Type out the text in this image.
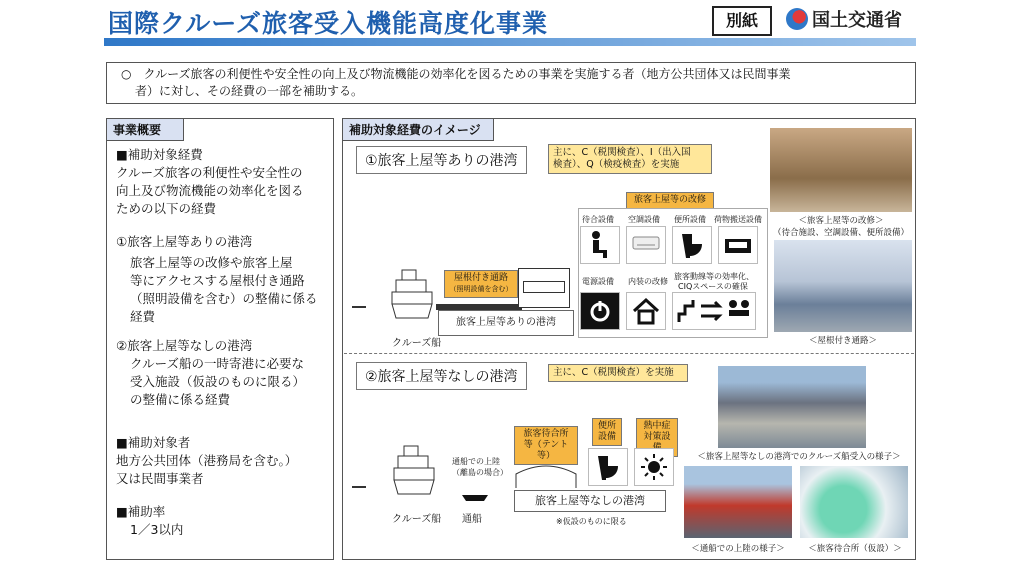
国際クルーズ旅客受入機能高度化事業	別紙	国土交通省
○　クルーズ旅客の利便性や安全性の向上及び物流機能の効率化を図るための事業を実施する者（地方公共団体又は民間事業
者）に対し、その経費の一部を補助する。
事業概要
■補助対象経費
クルーズ旅客の利便性や安全性の
向上及び物流機能の効率化を図る
ための以下の経費
①旅客上屋等ありの港湾
旅客上屋等の改修や旅客上屋
等にアクセスする屋根付き通路
（照明設備を含む）の整備に係る
経費
②旅客上屋等なしの港湾
クルーズ船の一時寄港に必要な
受入施設（仮設のものに限る）
の整備に係る経費
■補助対象者
地方公共団体（港務局を含む。）
又は民間事業者
■補助率
1／3以内
補助対象経費のイメージ
①旅客上屋等ありの港湾
主に、C（税関検査）、I（出入国
検査）、Q（検疫検査）を実施
旅客上屋等の改修
待合設備 空調設備 便所設備 荷物搬送設備
電源設備 内装の改修
旅客動線等の効率化、
CIQスペースの確保
クルーズ船
屋根付き通路
（照明設備を含む）
旅客上屋等ありの港湾
＜旅客上屋等の改修＞
（待合施設、空調設備、便所設備）
＜屋根付き通路＞
②旅客上屋等なしの港湾	主に、C（税関検査）を実施
旅客待合所
等（テント等）
便所
設備
熱中症
対策設
通船での上陸
（離島の場合）
クルーズ船 通船
旅客上屋等なしの港湾
※仮設のものに限る
＜旅客上屋等なしの港湾でのクルーズ船受入の様子＞
＜通船での上陸の様子＞	＜旅客待合所（仮設）＞
